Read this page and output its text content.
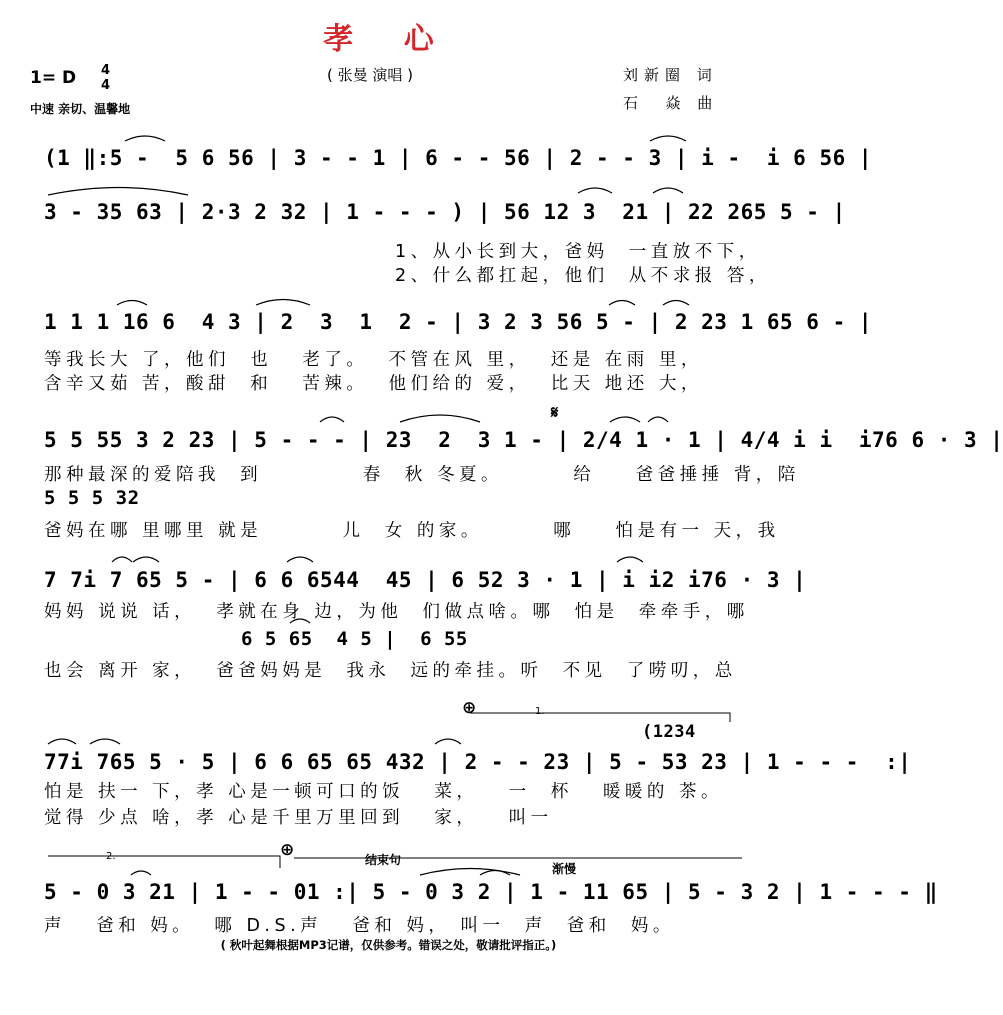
孝 心
1= D 4
4
中速 亲切、温馨地
( 张曼 演唱 )	刘新圈 词
石  焱 曲
(1 ‖:5 -  5 6 56 | 3 - - 1 | 6 - - 56 | 2 - - 3 | i -  i 6 56 |
3 - 35 63 | 2·3 2 32 | 1 - - - ) | 56 12 3  21 | 22 265 5 - |
1、从小长到大，爸妈  一直放不下，
2、什么都扛起，他们  从不求报 答，
1 1 1 16 6  4 3 | 2  3  1  2 - | 3 2 3 56 5 - | 2 23 1 65 6 - |
等我长大 了，他们  也   老了。  不管在风 里，  还是 在雨 里，
含辛又茹 苦，酸甜  和   苦辣。  他们给的 爱，  比天 地还 大，
𝄋
5 5 55 3 2 23 | 5 - - - | 23  2  3 1 - | 2/4 1 · 1 | 4/4 i i  i76 6 · 3 |
那种最深的爱陪我  到          春  秋 冬夏。       给    爸爸捶捶 背，陪
5 5 5 32
爸妈在哪 里哪里 就是        儿  女 的家。       哪    怕是有一 天，我
7 7i 7 65 5 - | 6 6 6544  45 | 6 52 3 · 1 | i i2 i76 · 3 |
妈妈 说说 话，  孝就在身 边，为他  们做点啥。哪  怕是  牵牵手，哪
6 5 65  4 5 |  6 55
也会 离开 家，  爸爸妈妈是  我永  远的牵挂。听  不见  了唠叨，总
⊕	1.
(1234
77i 765 5 · 5 | 6 6 65 65 432 | 2 - - 23 | 5 - 53 23 | 1 - - -  :|
怕是 扶一 下，孝 心是一顿可口的饭   菜，   一  杯   暖暖的 茶。
觉得 少点 啥，孝 心是千里万里回到   家，   叫一
2.	⊕	结束句
渐慢
5 - 0 3 21 | 1 - - 01 :| 5 - 0 3 2 | 1 - 11 65 | 5 - 3 2 | 1 - - - ‖
声   爸和 妈。  哪 D.S.声   爸和 妈， 叫一  声  爸和  妈。
( 秋叶起舞根据MP3记谱，仅供参考。错误之处，敬请批评指正。)
